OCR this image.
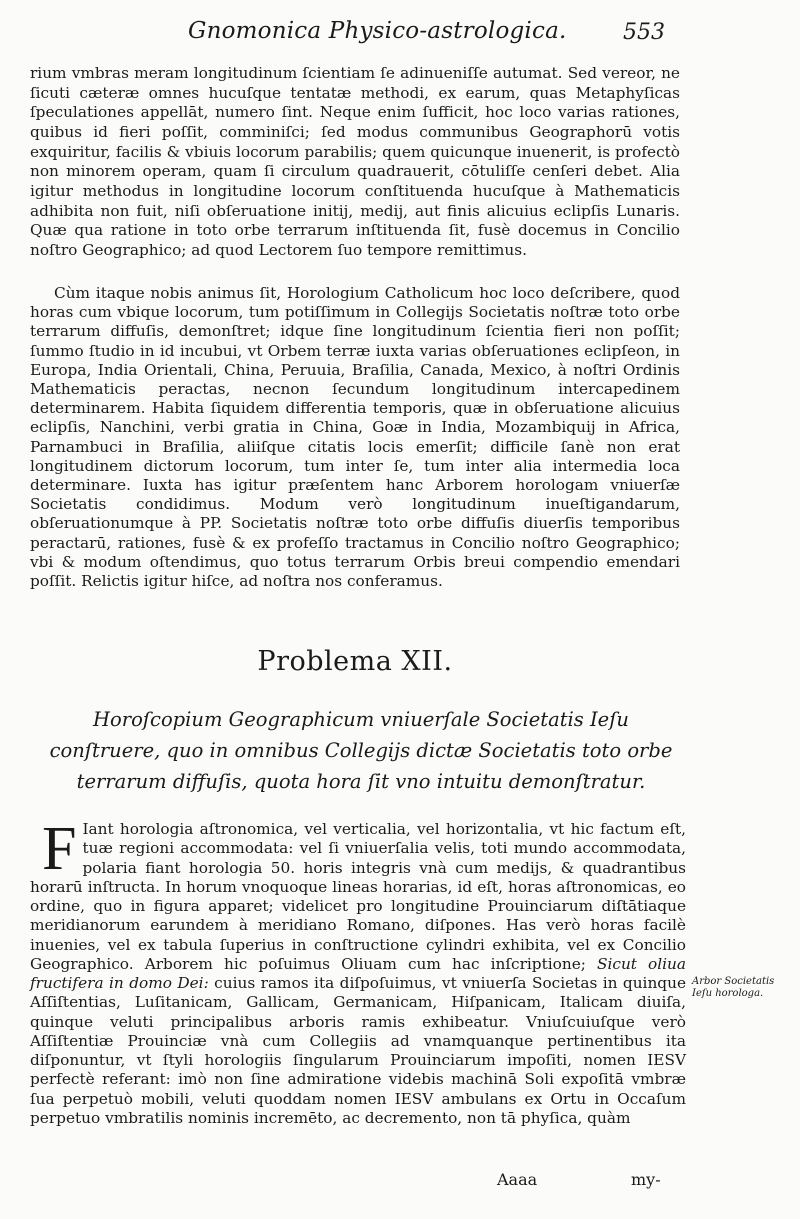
Gnomonica Physico-astrologica.	553

rium vmbras meram longitudinum ſcientiam ſe adinueniſſe autumat. Sed vereor, ne ſicuti cæteræ omnes hucuſque tentatæ methodi, ex earum, quas Metaphyſicas ſpeculationes appellāt, numero ſint. Neque enim ſufficit, hoc loco varias rationes, quibus id fieri poſſit, comminiſci; ſed modus communibus Geographorū votis exquiritur, facilis & vbiuis locorum parabilis; quem quicunque inuenerit, is profectò non minorem operam, quam ſi circulum quadrauerit, cōtuliſſe cenſeri debet. Alia igitur methodus in longitudine locorum conſtituenda hucuſque à Mathematicis adhibita non fuit, niſi obſeruatione initij, medij, aut finis alicuius eclipſis Lunaris. Quæ qua ratione in toto orbe terrarum inſtituenda ſit, fusè docemus in Concilio noſtro Geographico; ad quod Lectorem ſuo tempore remittimus.

Cùm itaque nobis animus ſit, Horologium Catholicum hoc loco deſcribere, quod horas cum vbique locorum, tum potiſſimum in Collegijs Societatis noſtræ toto orbe terrarum diffuſis, demonſtret; idque ſine longitudinum ſcientia fieri non poſſit; ſummo ſtudio in id incubui, vt Orbem terræ iuxta varias obſeruationes eclipſeon, in Europa, India Orientali, China, Peruuia, Braſilia, Canada, Mexico, à noſtri Ordinis Mathematicis peractas, necnon ſecundum longitudinum intercapedinem determinarem. Habita ſiquidem differentia temporis, quæ in obſeruatione alicuius eclipſis, Nanchini, verbi gratia in China, Goæ in India, Mozambiquij in Africa, Parnambuci in Braſilia, aliiſque citatis locis emerſit; difficile ſanè non erat longitudinem dictorum locorum, tum inter ſe, tum inter alia intermedia loca determinare. Iuxta has igitur præſentem hanc Arborem horologam vniuerſæ Societatis condidimus. Modum verò longitudinum inueſtigandarum, obſeruationumque à PP. Societatis noſtræ toto orbe diffuſis diuerſis temporibus peractarū, rationes, fusè & ex profeſſo tractamus in Concilio noſtro Geographico; vbi & modum oſtendimus, quo totus terrarum Orbis breui compendio emendari poſſit. Relictis igitur hiſce, ad noſtra nos conferamus.

Problema XII.

Horoſcopium Geographicum vniuerſale Societatis Ieſu conſtruere, quo in omnibus Collegijs dictæ Societatis toto orbe terrarum diffuſis, quota hora ſit vno intuitu demonſtratur.

F Iant horologia aſtronomica, vel verticalia, vel horizontalia, vt hic factum eſt, tuæ regioni accommodata: vel ſi vniuerſalia velis, toti mundo accommodata, polaria fiant horologia 50. horis integris vnà cum medijs, & quadrantibus horarū inſtructa. In horum vnoquoque lineas horarias, id eſt, horas aſtronomicas, eo ordine, quo in figura apparet; videlicet pro longitudine Prouinciarum diſtātiaque meridianorum earundem à meridiano Romano, diſpones. Has verò horas facilè inuenies, vel ex tabula ſuperius in conſtructione cylindri exhibita, vel ex Concilio Geographico. Arborem hic poſuimus Oliuam cum hac inſcriptione; Sicut oliua fructifera in domo Dei: cuius ramos ita diſpoſuimus, vt vniuerſa Societas in quinque Aſſiſtentias, Luſitanicam, Gallicam, Germanicam, Hiſpanicam, Italicam diuiſa, quinque veluti principalibus arboris ramis exhibeatur. Vniuſcuiuſque verò Aſſiſtentiæ Prouinciæ vnà cum Collegiis ad vnamquanque pertinentibus ita diſponuntur, vt ſtyli horologiis ſingularum Prouinciarum impoſiti, nomen IESV perfectè referant: imò non ſine admiratione videbis machinā Soli expoſitā vmbræ ſua perpetuò mobili, veluti quoddam nomen IESV ambulans ex Ortu in Occaſum perpetuo vmbratilis nominis incremēto, ac decremento, non tā phyſica, quàm

Arbor Societatis Ieſu horologa.
Aaaa	my-
